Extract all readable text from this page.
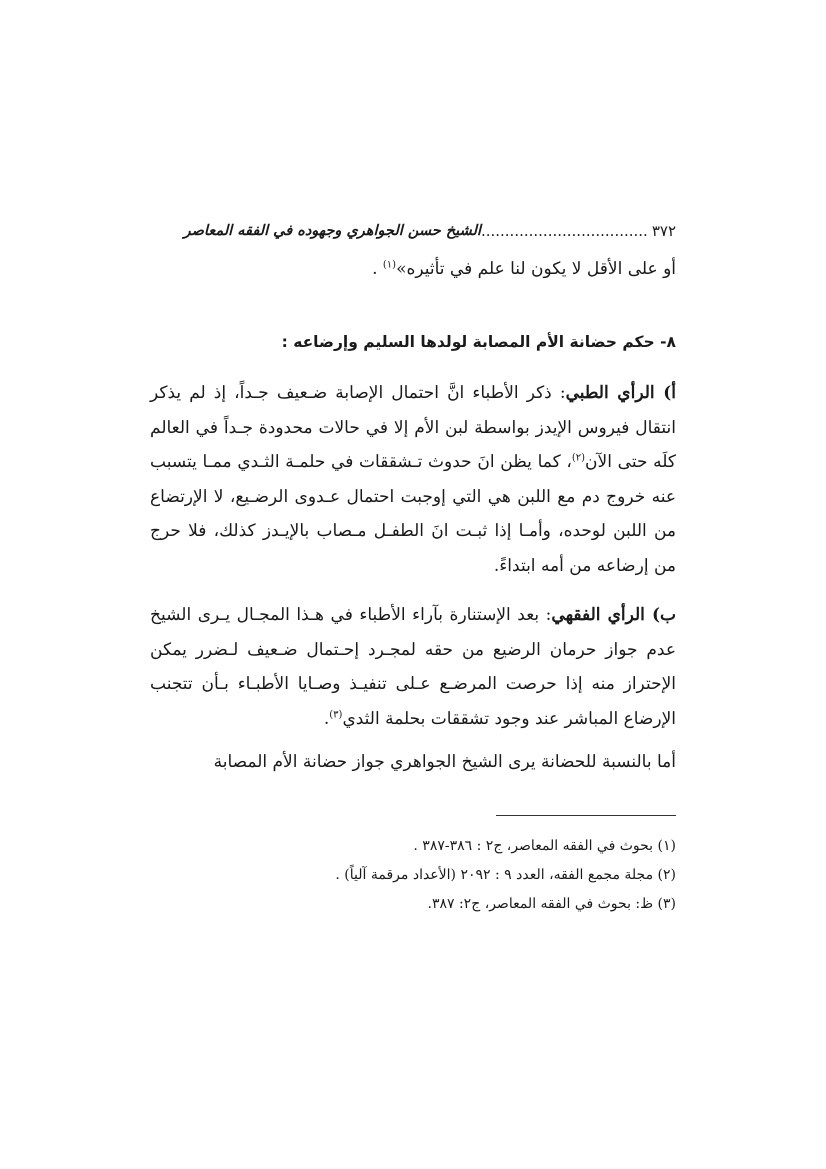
٣٧٢
...................................
الشيخ حسن الجواهري وجهوده في الفقه المعاصر
أو على الأقل لا يكون لنا علم في تأثيره»$^{(١)}$ .
٨- حكم حضانة الأم المصابة لولدها السليم وإرضاعه :

أ) الرأي الطبي: ذكر الأطباء انَّ احتمال الإصابة ضـعيف جـداً، إذ لم يذكر انتقال فيروس الإيدز بواسطة لبن الأم إلا في حالات محدودة جـداً في العالم كلَه حتى الآن$^{(٢)}$، كما يظن انَ حدوث تـشققات في حلمـة الثـدي ممـا يتسبب عنه خروج دم مع اللبن هي التي إوجبت احتمال عـدوى الرضـيع، لا الإرتضاع من اللبن لوحده، وأمـا إذا ثبـت انَ الطفـل مـصاب بالإيـدز كذلك، فلا حرج من إرضاعه من أمه ابتداءً.

ب) الرأي الفقهي: بعد الإستنارة بآراء الأطباء في هـذا المجـال يـرى الشيخ عدم جواز حرمان الرضيع من حقه لمجـرد إحـتمال ضـعيف لـضرر يمكن الإحتراز منه إذا حرصت المرضـع عـلى تنفيـذ وصـايا الأطبـاء بـأن تتجنب الإرضاع المباشر عند وجود تشققات بحلمة الثدي$^{(٣)}$.

أما بالنسبة للحضانة يرى الشيخ الجواهري جواز حضانة الأم المصابة

(١) بحوث في الفقه المعاصر، ج٢ : ٣٨٦-٣٨٧ .
(٢) مجلة مجمع الفقه، العدد ٩ : ٢٠٩٢ (الأعداد مرقمة آلياً) .
(٣) ظ: بحوث في الفقه المعاصر، ج٢: ٣٨٧.
